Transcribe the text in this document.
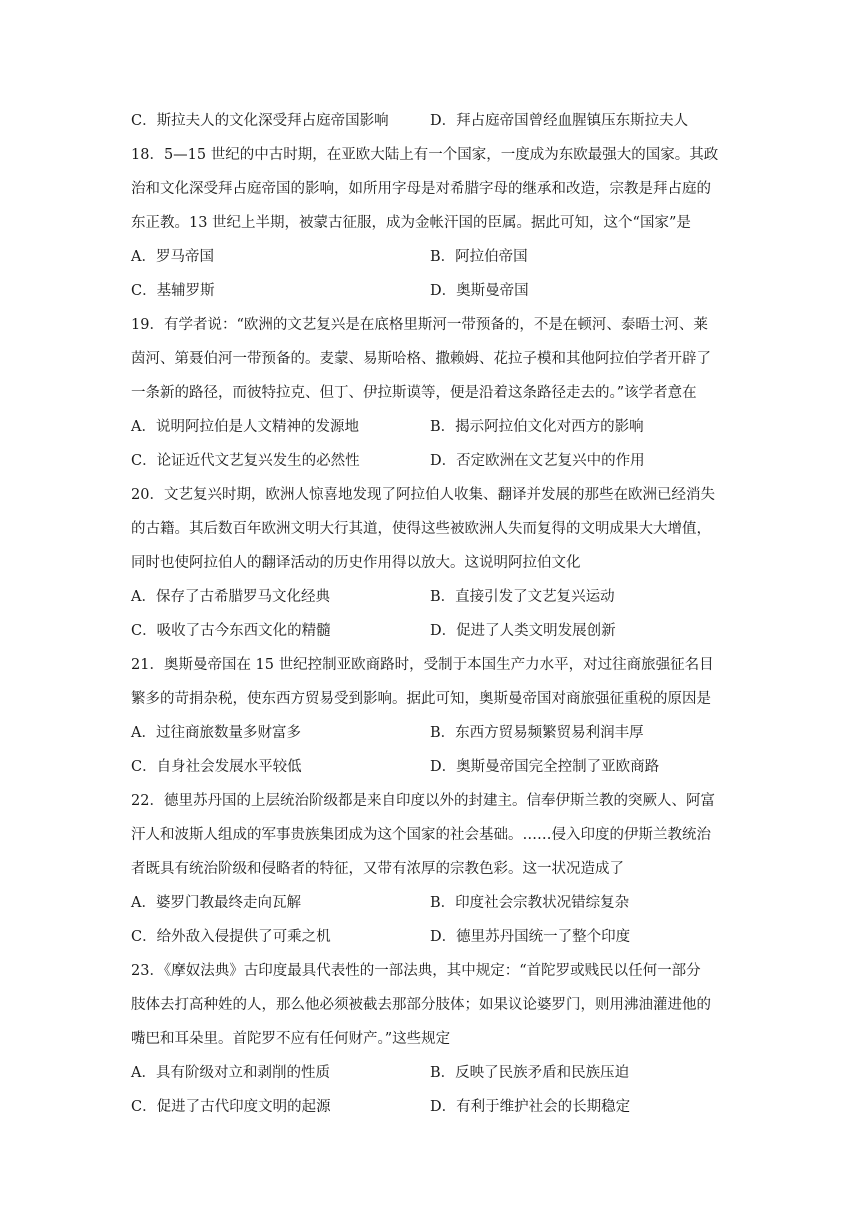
C．斯拉夫人的文化深受拜占庭帝国影响	D．拜占庭帝国曾经血腥镇压东斯拉夫人
18．5—15 世纪的中古时期，在亚欧大陆上有一个国家，一度成为东欧最强大的国家。其政
治和文化深受拜占庭帝国的影响，如所用字母是对希腊字母的继承和改造，宗教是拜占庭的
东正教。13 世纪上半期，被蒙古征服，成为金帐汗国的臣属。据此可知，这个“国家”是
A．罗马帝国	B．阿拉伯帝国
C．基辅罗斯	D．奥斯曼帝国
19．有学者说：“欧洲的文艺复兴是在底格里斯河一带预备的，不是在顿河、泰晤士河、莱
茵河、第聂伯河一带预备的。麦蒙、易斯哈格、撒赖姆、花拉子模和其他阿拉伯学者开辟了
一条新的路径，而彼特拉克、但丁、伊拉斯谟等，便是沿着这条路径走去的。”该学者意在
A．说明阿拉伯是人文精神的发源地	B．揭示阿拉伯文化对西方的影响
C．论证近代文艺复兴发生的必然性	D．否定欧洲在文艺复兴中的作用
20．文艺复兴时期，欧洲人惊喜地发现了阿拉伯人收集、翻译并发展的那些在欧洲已经消失
的古籍。其后数百年欧洲文明大行其道，使得这些被欧洲人失而复得的文明成果大大增值，
同时也使阿拉伯人的翻译活动的历史作用得以放大。这说明阿拉伯文化
A．保存了古希腊罗马文化经典	B．直接引发了文艺复兴运动
C．吸收了古今东西文化的精髓	D．促进了人类文明发展创新
21．奥斯曼帝国在 15 世纪控制亚欧商路时，受制于本国生产力水平，对过往商旅强征名目
繁多的苛捐杂税，使东西方贸易受到影响。据此可知，奥斯曼帝国对商旅强征重税的原因是
A．过往商旅数量多财富多	B．东西方贸易频繁贸易利润丰厚
C．自身社会发展水平较低	D．奥斯曼帝国完全控制了亚欧商路
22．德里苏丹国的上层统治阶级都是来自印度以外的封建主。信奉伊斯兰教的突厥人、阿富
汗人和波斯人组成的军事贵族集团成为这个国家的社会基础。……侵入印度的伊斯兰教统治
者既具有统治阶级和侵略者的特征，又带有浓厚的宗教色彩。这一状况造成了
A．婆罗门教最终走向瓦解	B．印度社会宗教状况错综复杂
C．给外敌入侵提供了可乘之机	D．德里苏丹国统一了整个印度
23．《摩奴法典》古印度最具代表性的一部法典，其中规定：“首陀罗或贱民以任何一部分
肢体去打高种姓的人，那么他必须被截去那部分肢体；如果议论婆罗门，则用沸油灌进他的
嘴巴和耳朵里。首陀罗不应有任何财产。”这些规定
A．具有阶级对立和剥削的性质	B．反映了民族矛盾和民族压迫
C．促进了古代印度文明的起源	D．有利于维护社会的长期稳定
